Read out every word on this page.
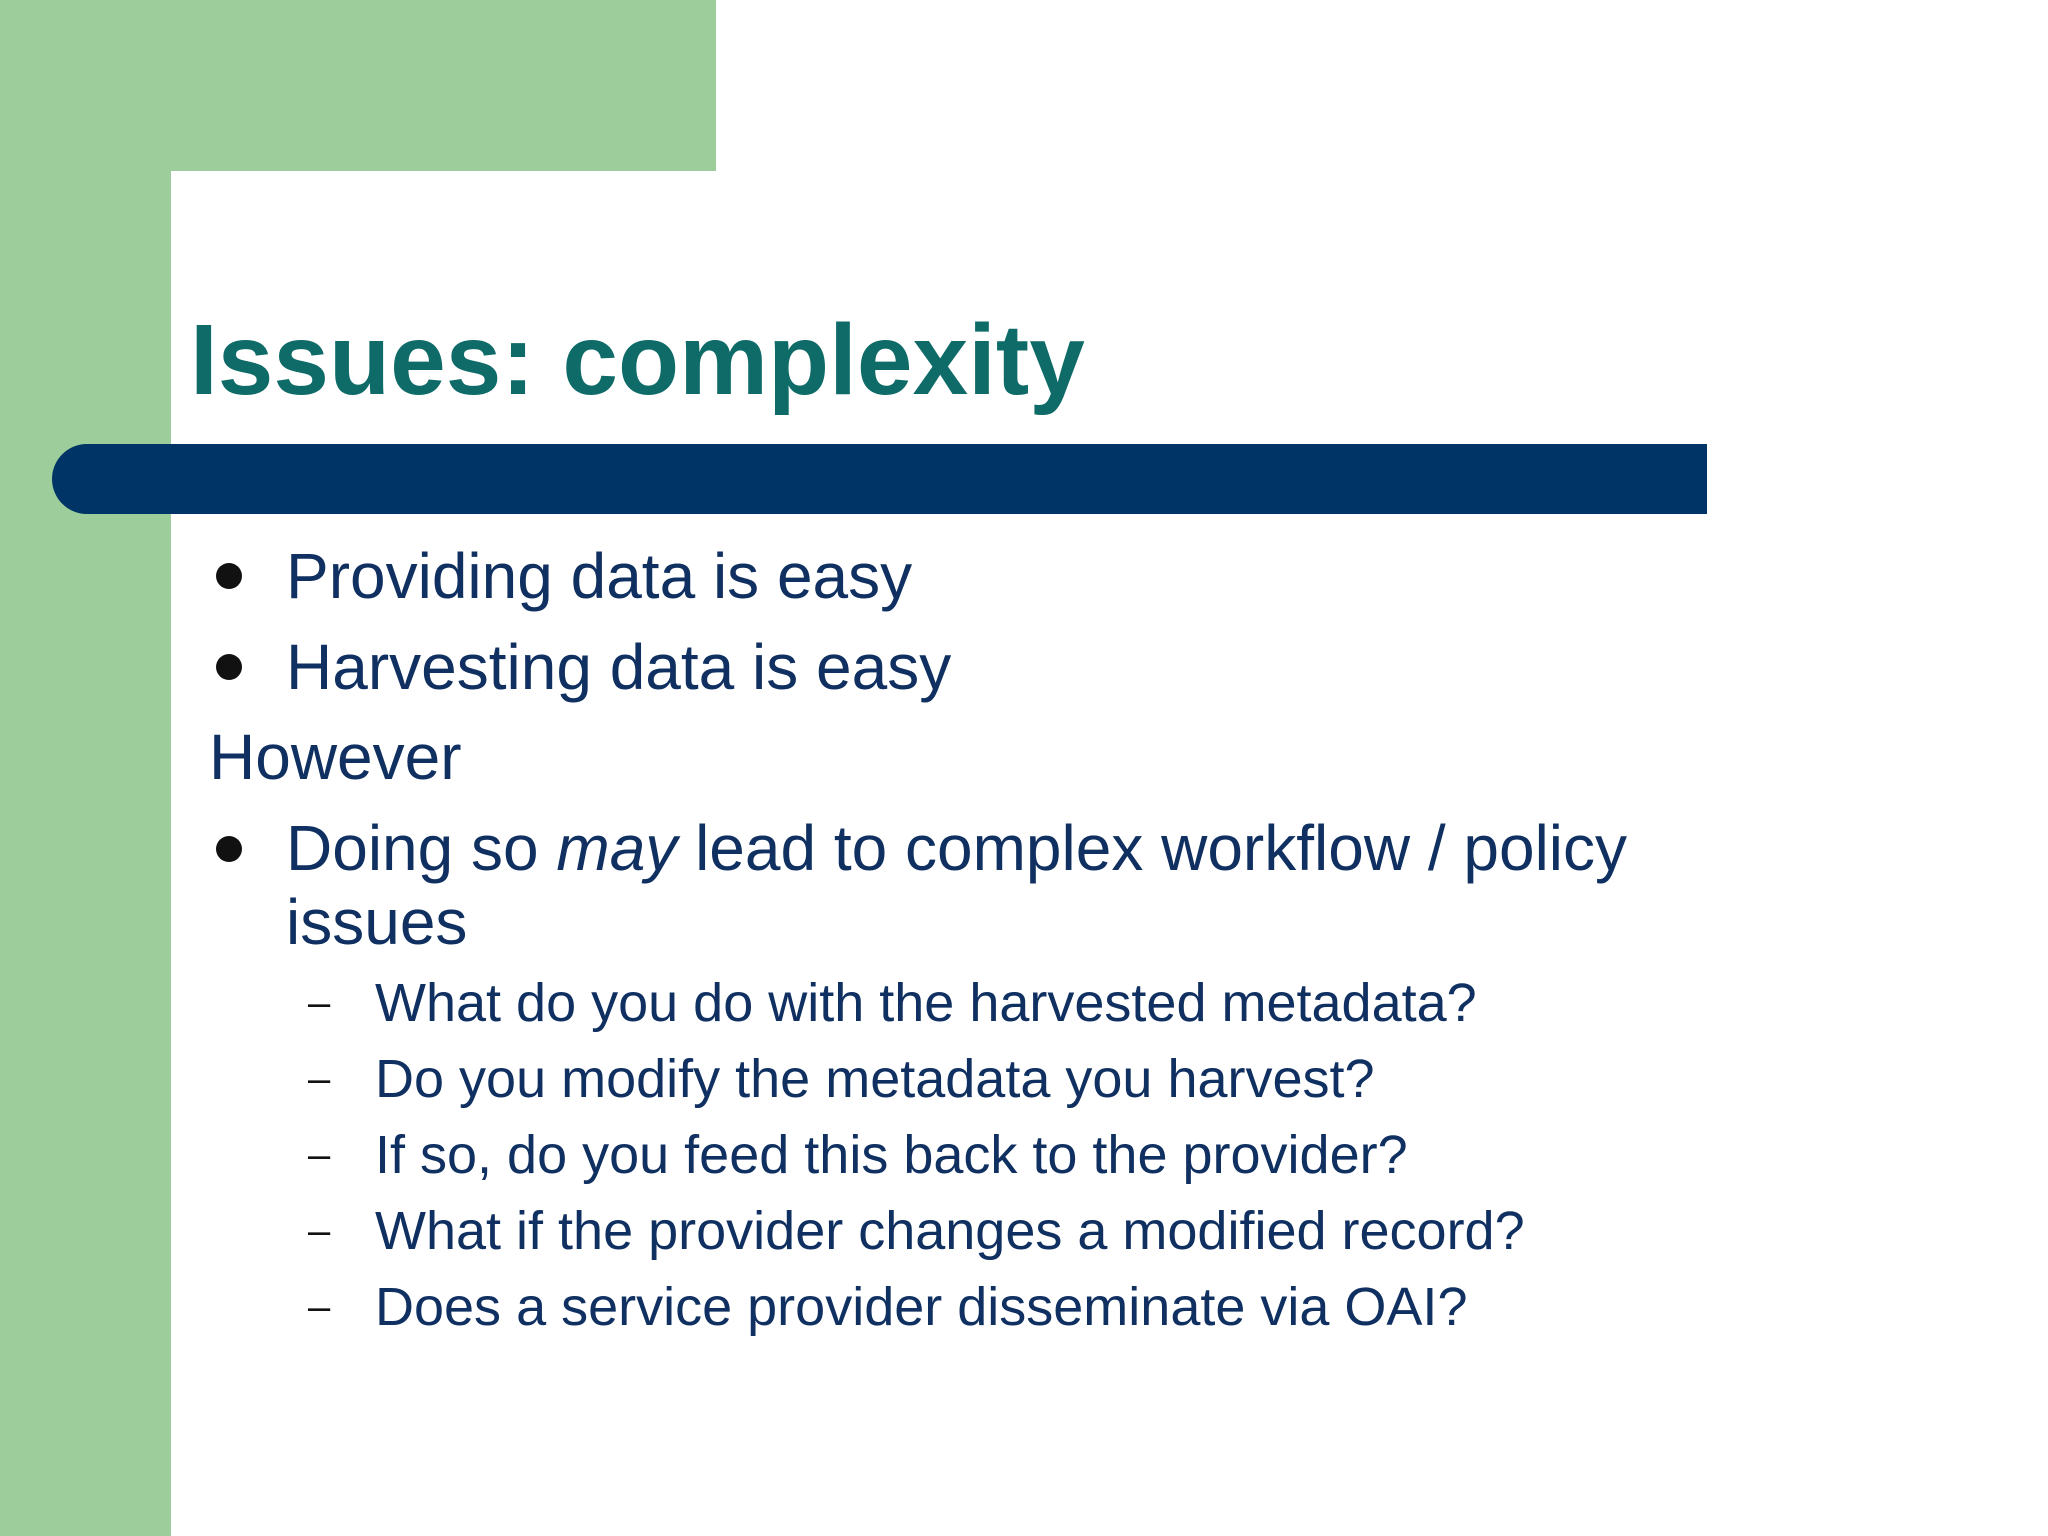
Issues: complexity

Providing data is easy

Harvesting data is easy

However

Doing so may lead to complex workflow / policy

issues

– What do you do with the harvested metadata?

– Do you modify the metadata you harvest?

– If so, do you feed this back to the provider?

– What if the provider changes a modified record?

– Does a service provider disseminate via OAI?
